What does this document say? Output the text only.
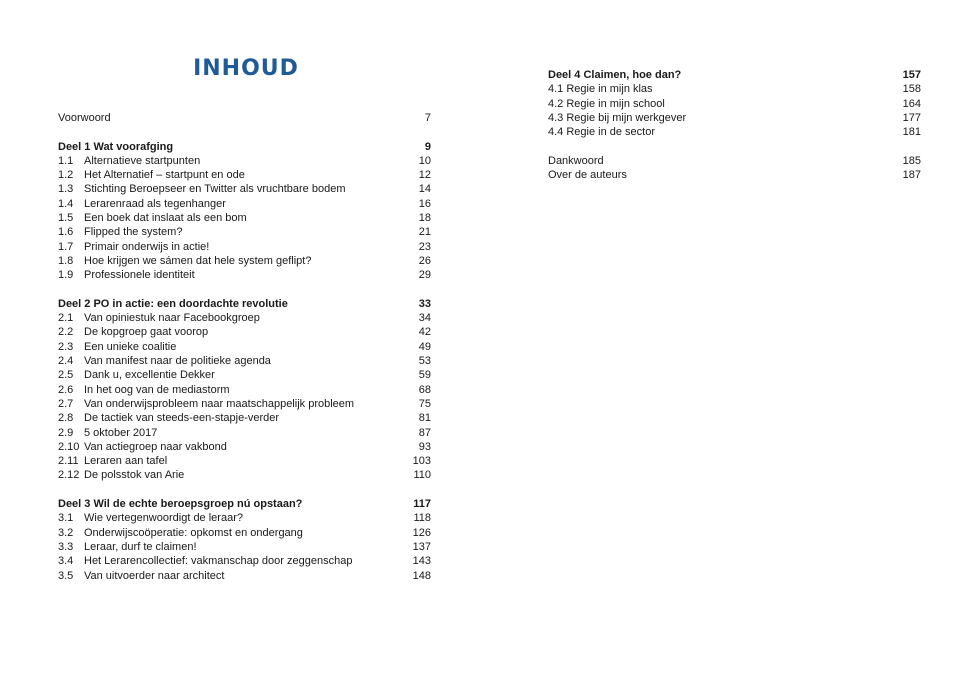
INHOUD
Voorwoord	7
Deel 1 Wat voorafging	9
1.1 Alternatieve startpunten	10
1.2 Het Alternatief – startpunt en ode	12
1.3 Stichting Beroepseer en Twitter als vruchtbare bodem	14
1.4 Lerarenraad als tegenhanger	16
1.5 Een boek dat inslaat als een bom	18
1.6 Flipped the system?	21
1.7 Primair onderwijs in actie!	23
1.8 Hoe krijgen we sámen dat hele system geflipt?	26
1.9 Professionele identiteit	29
Deel 2 PO in actie: een doordachte revolutie	33
2.1 Van opiniestuk naar Facebookgroep	34
2.2 De kopgroep gaat voorop	42
2.3 Een unieke coalitie	49
2.4 Van manifest naar de politieke agenda	53
2.5 Dank u, excellentie Dekker	59
2.6 In het oog van de mediastorm	68
2.7 Van onderwijsprobleem naar maatschappelijk probleem	75
2.8 De tactiek van steeds-een-stapje-verder	81
2.9 5 oktober 2017	87
2.10 Van actiegroep naar vakbond	93
2.11 Leraren aan tafel	103
2.12 De polsstok van Arie	110
Deel 3 Wil de echte beroepsgroep nú opstaan?	117
3.1 Wie vertegenwoordigt de leraar?	118
3.2 Onderwijscoöperatie: opkomst en ondergang	126
3.3 Leraar, durf te claimen!	137
3.4 Het Lerarencollectief: vakmanschap door zeggenschap	143
3.5 Van uitvoerder naar architect	148
Deel 4 Claimen, hoe dan?	157
4.1 Regie in mijn klas	158
4.2 Regie in mijn school	164
4.3 Regie bij mijn werkgever	177
4.4 Regie in de sector	181
Dankwoord	185
Over de auteurs	187
